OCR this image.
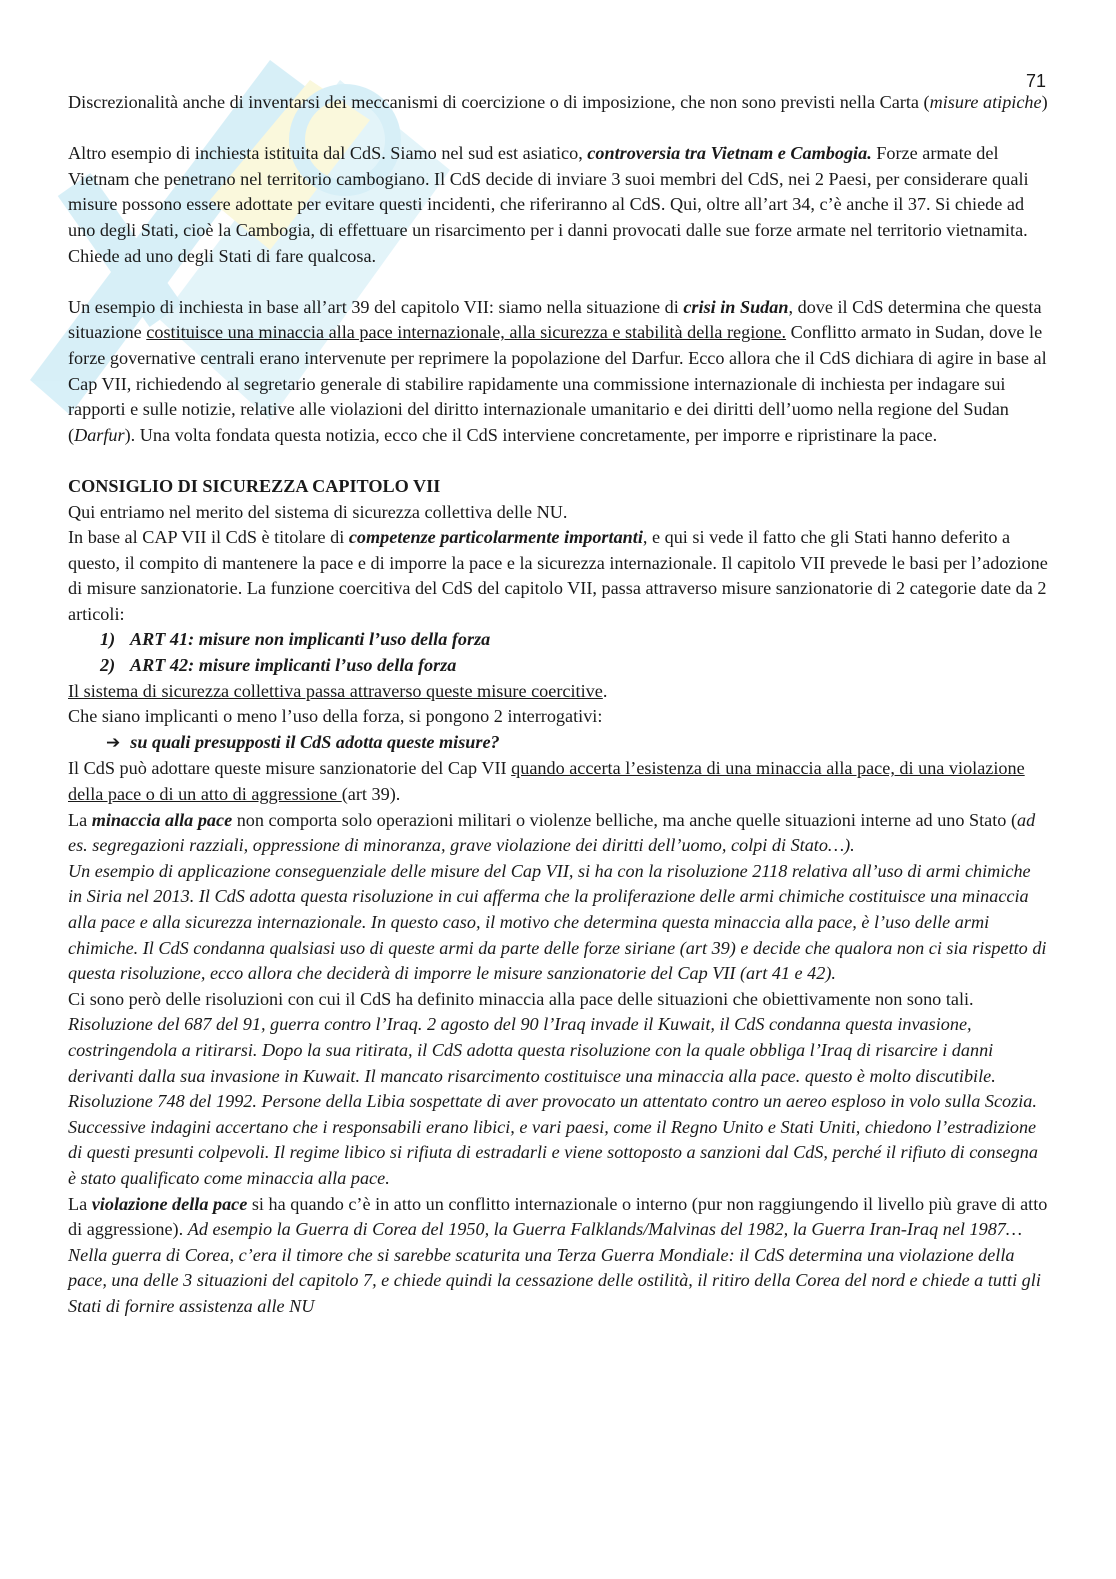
71

Discrezionalità anche di inventarsi dei meccanismi di coercizione o di imposizione, che non sono previsti nella Carta (misure atipiche)

Altro esempio di inchiesta istituita dal CdS. Siamo nel sud est asiatico, controversia tra Vietnam e Cambogia. Forze armate del Vietnam che penetrano nel territorio cambogiano. Il CdS decide di inviare 3 suoi membri del CdS, nei 2 Paesi, per considerare quali misure possono essere adottate per evitare questi incidenti, che riferiranno al CdS. Qui, oltre all’art 34, c’è anche il 37. Si chiede ad uno degli Stati, cioè la Cambogia, di effettuare un risarcimento per i danni provocati dalle sue forze armate nel territorio vietnamita. Chiede ad uno degli Stati di fare qualcosa.

Un esempio di inchiesta in base all’art 39 del capitolo VII: siamo nella situazione di crisi in Sudan, dove il CdS determina che questa situazione costituisce una minaccia alla pace internazionale, alla sicurezza e stabilità della regione. Conflitto armato in Sudan, dove le forze governative centrali erano intervenute per reprimere la popolazione del Darfur. Ecco allora che il CdS dichiara di agire in base al Cap VII, richiedendo al segretario generale di stabilire rapidamente una commissione internazionale di inchiesta per indagare sui rapporti e sulle notizie, relative alle violazioni del diritto internazionale umanitario e dei diritti dell’uomo nella regione del Sudan (Darfur). Una volta fondata questa notizia, ecco che il CdS interviene concretamente, per imporre e ripristinare la pace.

CONSIGLIO DI SICUREZZA CAPITOLO VII

Qui entriamo nel merito del sistema di sicurezza collettiva delle NU.

In base al CAP VII il CdS è titolare di competenze particolarmente importanti, e qui si vede il fatto che gli Stati hanno deferito a questo, il compito di mantenere la pace e di imporre la pace e la sicurezza internazionale. Il capitolo VII prevede le basi per l’adozione di misure sanzionatorie. La funzione coercitiva del CdS del capitolo VII, passa attraverso misure sanzionatorie di 2 categorie date da 2 articoli:

1) ART 41: misure non implicanti l’uso della forza
2) ART 42: misure implicanti l’uso della forza

Il sistema di sicurezza collettiva passa attraverso queste misure coercitive.

Che siano implicanti o meno l’uso della forza, si pongono 2 interrogativi:

➔ su quali presupposti il CdS adotta queste misure?

Il CdS può adottare queste misure sanzionatorie del Cap VII quando accerta l’esistenza di una minaccia alla pace, di una violazione della pace o di un atto di aggressione (art 39).

La minaccia alla pace non comporta solo operazioni militari o violenze belliche, ma anche quelle situazioni interne ad uno Stato (ad es. segregazioni razziali, oppressione di minoranza, grave violazione dei diritti dell’uomo, colpi di Stato…).

Un esempio di applicazione conseguenziale delle misure del Cap VII, si ha con la risoluzione 2118 relativa all’uso di armi chimiche in Siria nel 2013. Il CdS adotta questa risoluzione in cui afferma che la proliferazione delle armi chimiche costituisce una minaccia alla pace e alla sicurezza internazionale. In questo caso, il motivo che determina questa minaccia alla pace, è l’uso delle armi chimiche. Il CdS condanna qualsiasi uso di queste armi da parte delle forze siriane (art 39) e decide che qualora non ci sia rispetto di questa risoluzione, ecco allora che deciderà di imporre le misure sanzionatorie del Cap VII (art 41 e 42).

Ci sono però delle risoluzioni con cui il CdS ha definito minaccia alla pace delle situazioni che obiettivamente non sono tali.

Risoluzione del 687 del 91, guerra contro l’Iraq. 2 agosto del 90 l’Iraq invade il Kuwait, il CdS condanna questa invasione, costringendola a ritirarsi. Dopo la sua ritirata, il CdS adotta questa risoluzione con la quale obbliga l’Iraq di risarcire i danni derivanti dalla sua invasione in Kuwait. Il mancato risarcimento costituisce una minaccia alla pace. questo è molto discutibile.

Risoluzione 748 del 1992. Persone della Libia sospettate di aver provocato un attentato contro un aereo esploso in volo sulla Scozia. Successive indagini accertano che i responsabili erano libici, e vari paesi, come il Regno Unito e Stati Uniti, chiedono l’estradizione di questi presunti colpevoli. Il regime libico si rifiuta di estradarli e viene sottoposto a sanzioni dal CdS, perché il rifiuto di consegna è stato qualificato come minaccia alla pace.

La violazione della pace si ha quando c’è in atto un conflitto internazionale o interno (pur non raggiungendo il livello più grave di atto di aggressione). Ad esempio la Guerra di Corea del 1950, la Guerra Falklands/Malvinas del 1982, la Guerra Iran-Iraq nel 1987… Nella guerra di Corea, c’era il timore che si sarebbe scaturita una Terza Guerra Mondiale: il CdS determina una violazione della pace, una delle 3 situazioni del capitolo 7, e chiede quindi la cessazione delle ostilità, il ritiro della Corea del nord e chiede a tutti gli Stati di fornire assistenza alle NU
